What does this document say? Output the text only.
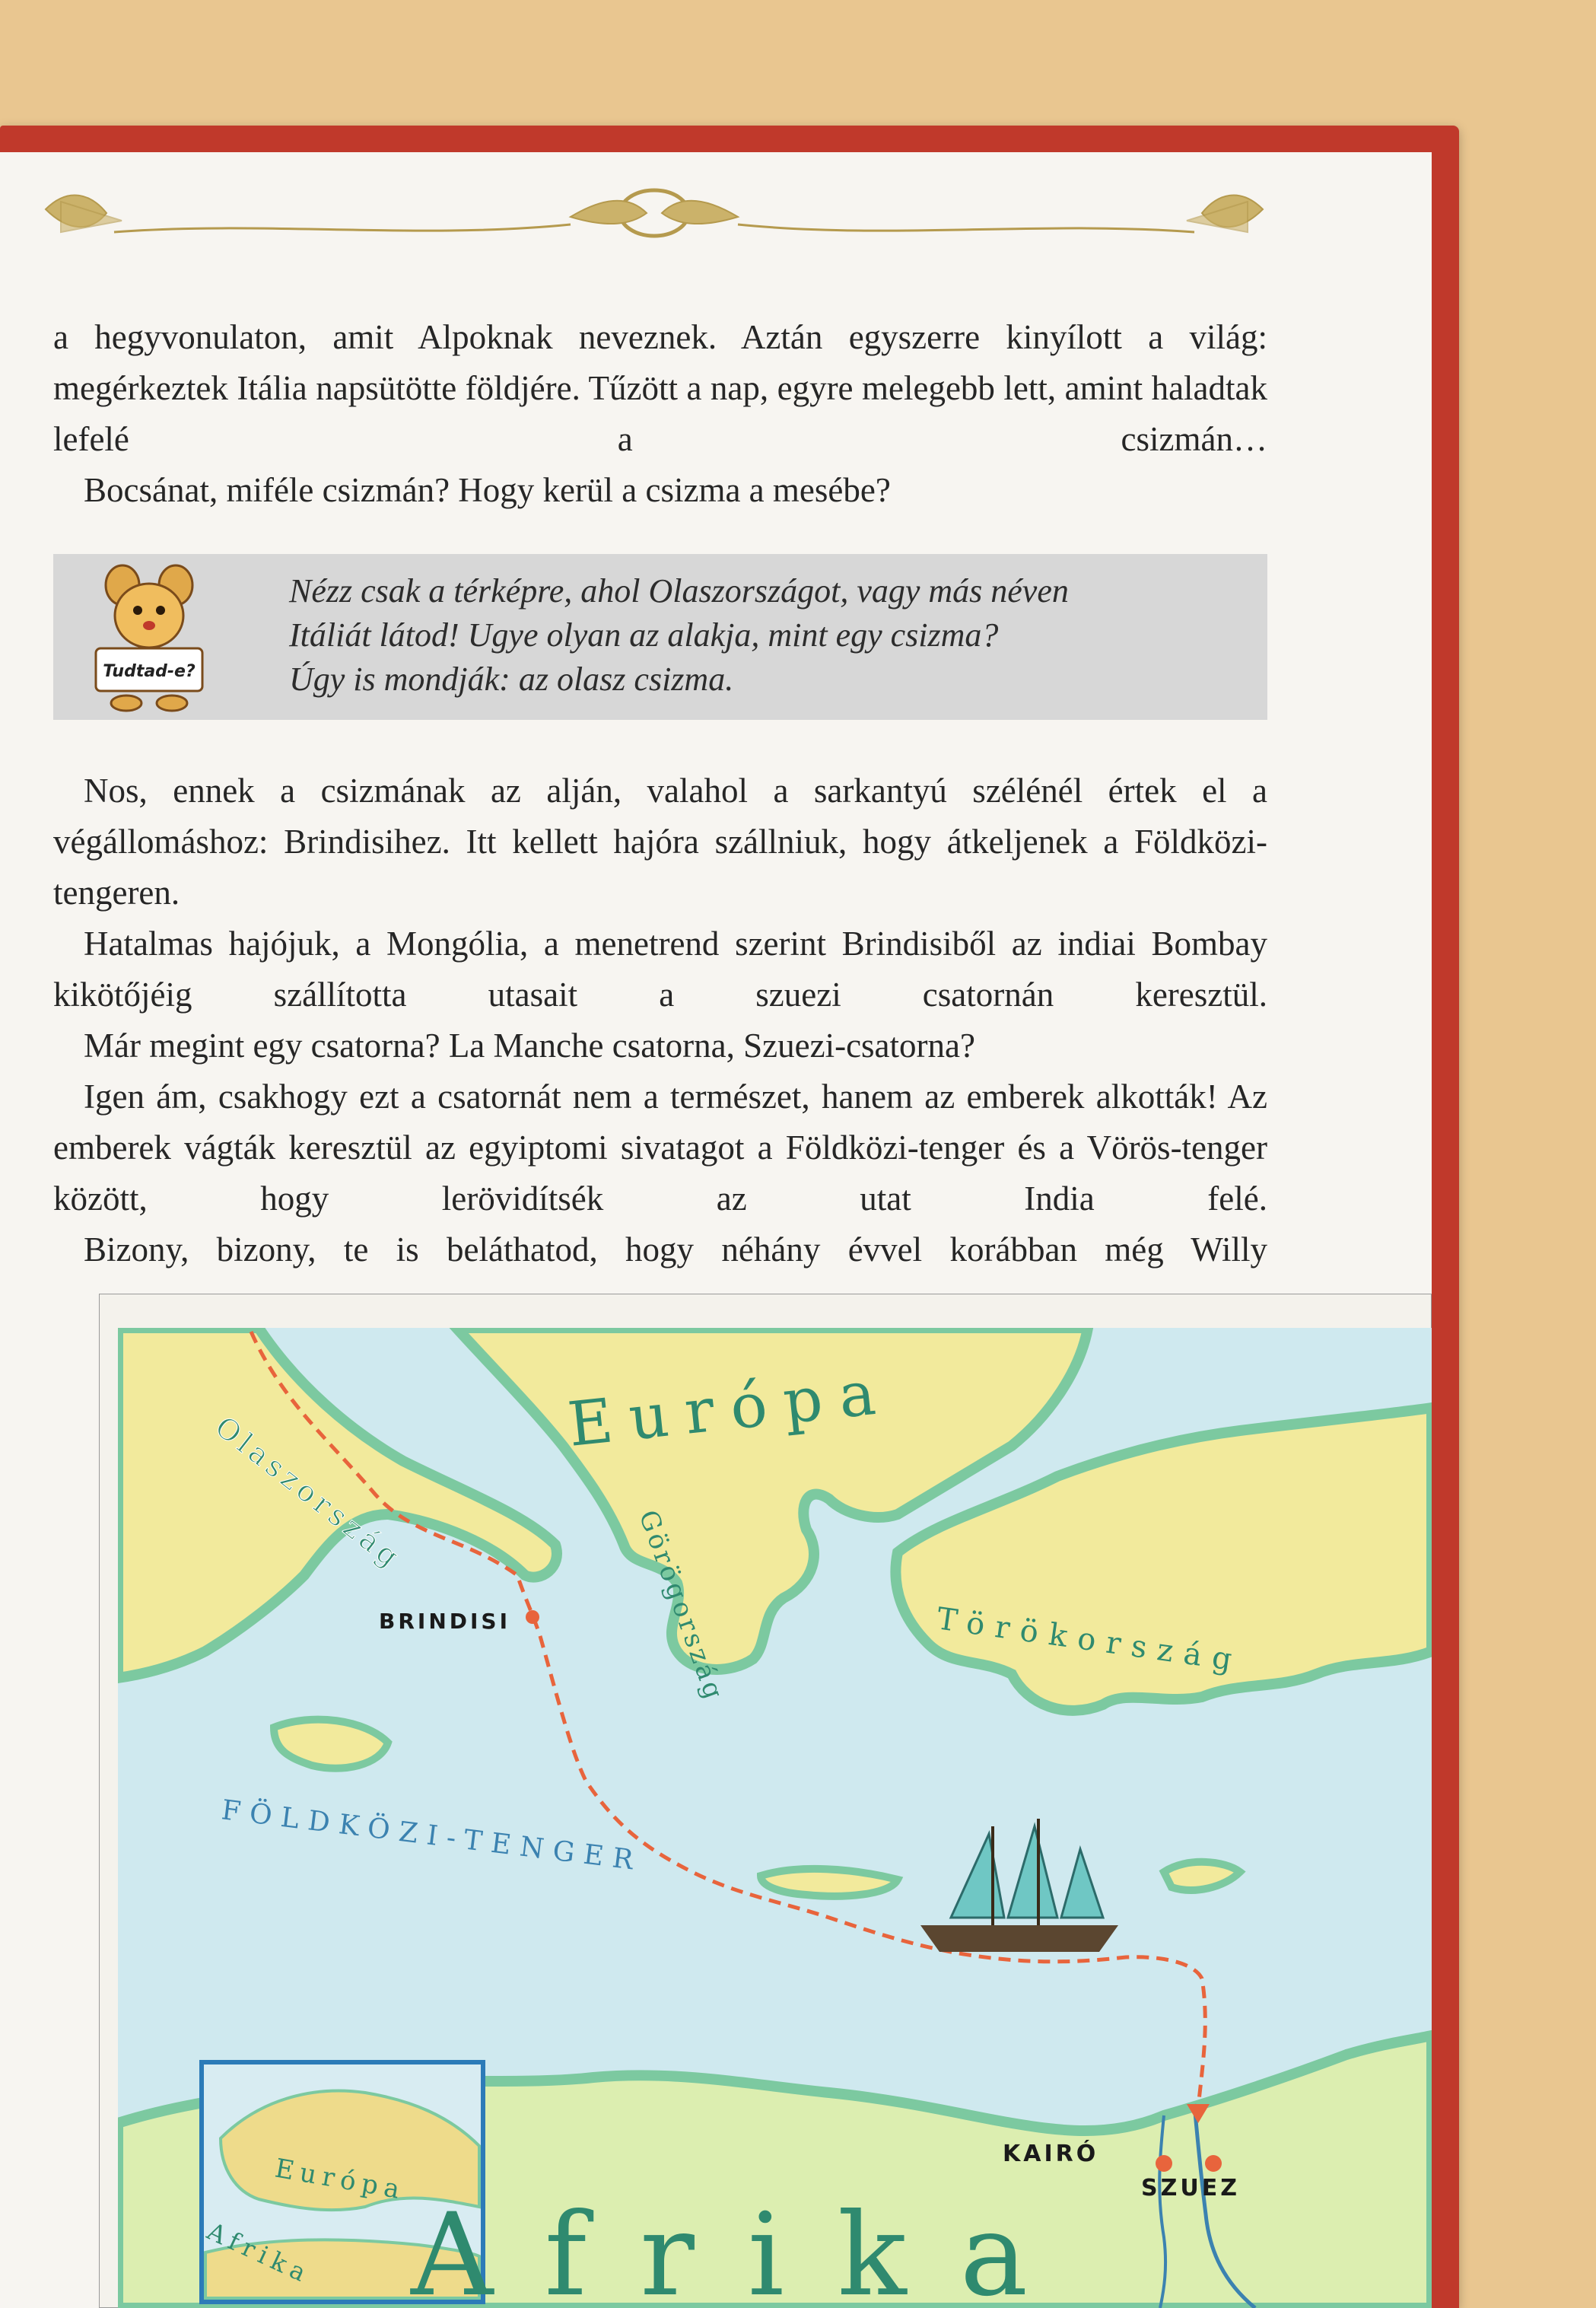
a hegyvonulaton, amit Alpoknak neveznek. Aztán egyszerre kinyílott a világ: megérkeztek Itália napsütötte földjére. Tűzött a nap, egyre melegebb lett, amint haladtak lefelé a csizmán…

Bocsánat, miféle csizmán? Hogy kerül a csizma a mesébe?

Tudtad-e?
Nézz csak a térképre, ahol Olaszországot, vagy más néven
Itáliát látod! Ugye olyan az alakja, mint egy csizma?
Úgy is mondják: az olasz csizma.

Nos, ennek a csizmának az alján, valahol a sarkantyú szélénél értek el a végállomáshoz: Brindisihez. Itt kellett hajóra szállniuk, hogy átkeljenek a Földközi-tengeren.

Hatalmas hajójuk, a Mongólia, a menetrend szerint Brindisiből az indiai Bombay kikötőjéig szállította utasait a szuezi csatornán keresztül.

Már megint egy csatorna? La Manche csatorna, Szuezi-csatorna?

Igen ám, csakhogy ezt a csatornát nem a természet, hanem az emberek alkották! Az emberek vágták keresztül az egyiptomi sivatagot a Földközi-tenger és a Vörös-tenger között, hogy lerövidítsék az utat India felé.

Bizony, bizony, te is beláthatod, hogy néhány évvel korábban még Willy

Olaszország
Európa
Görögország	Törökország
Afrika
Európa
Afrika
BRINDISI
KAIRÓ
SZUEZ
FÖLDKÖZI-TENGER
